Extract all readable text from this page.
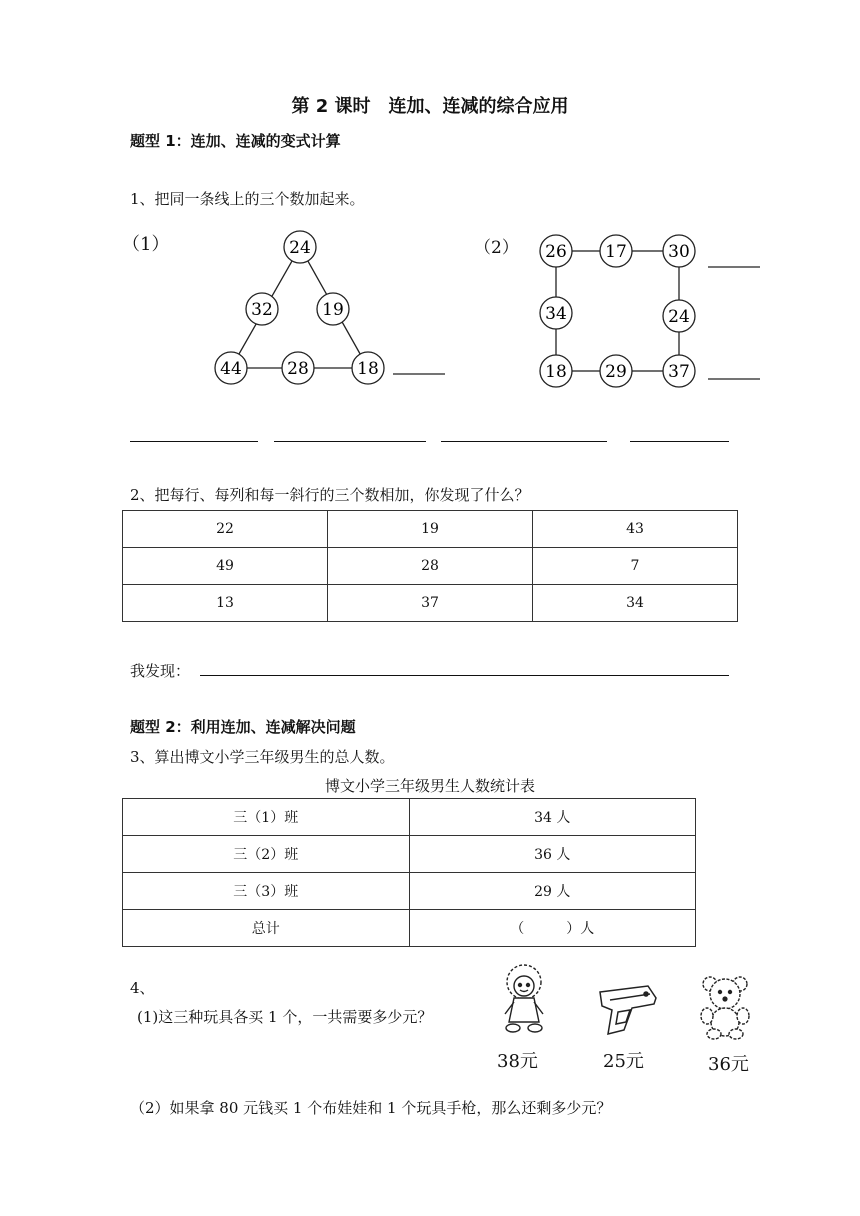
第 2 课时　连加、连减的综合应用
题型 1：连加、连减的变式计算
1、把同一条线上的三个数加起来。
（1）	（2）
24
32	19
44	28	18
26 17 30
34	24
18 29 37
2、把每行、每列和每一斜行的三个数相加，你发现了什么？
22	19	43
49	28	7
13	37	34
我发现：
题型 2：利用连加、连减解决问题
3、算出博文小学三年级男生的总人数。
博文小学三年级男生人数统计表
三（1）班	34 人
三（2）班	36 人
三（3）班	29 人
总计	（　　　）人
4、
(1)这三种玩具各买 1 个，一共需要多少元？
38元	25元	36元
（2）如果拿 80 元钱买 1 个布娃娃和 1 个玩具手枪，那么还剩多少元？
